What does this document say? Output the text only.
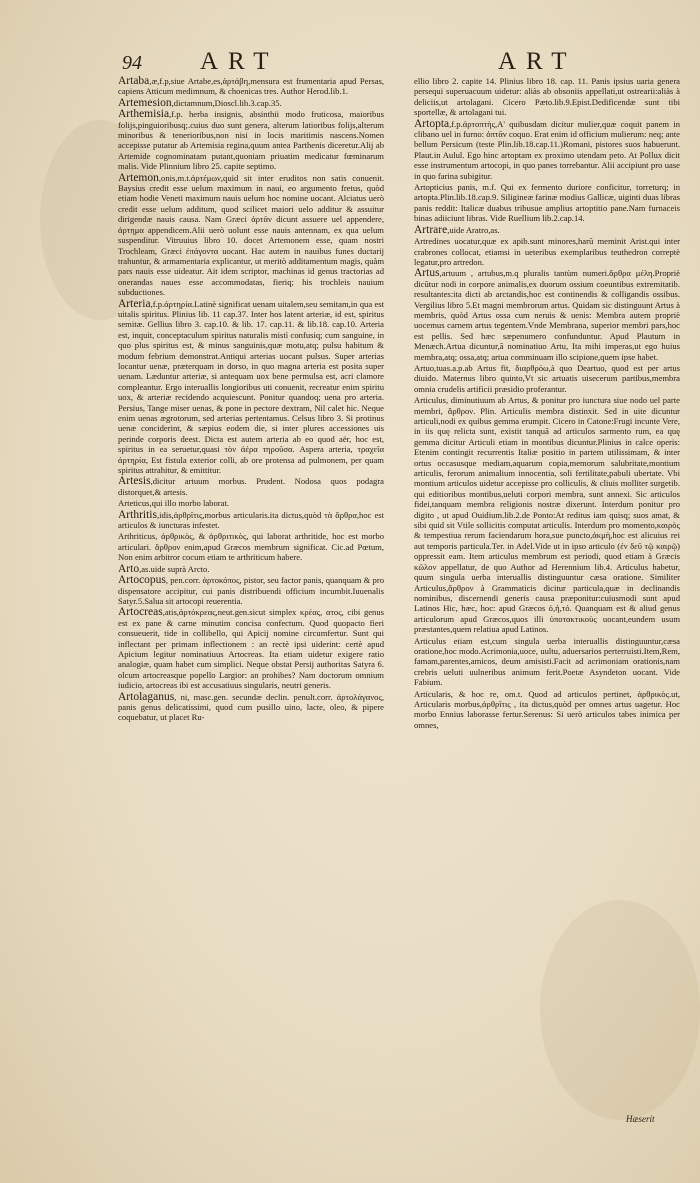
94 ART	ART

Artaba,æ,f.p,siue Artabe,es,ἀρτάβη,mensura est frumentaria apud Persas, capiens Atticum medimnum, & choenicas tres. Author Herod.lib.1.

Artemesion,dictamnum,Dioscl.lib.3.cap.35.

Arthemisia,f.p. herba insignis, absinthii modo fruticosa, maioribus folijs,pinguioribusq;.cuius duo sunt genera, alterum latioribus folijs,alterum minoribus & tenerioribus,non nisi in locis maritimis nascens.Nomen accepisse putatur ab Artemisia regina,quum antea Parthenis diceretur.Alij ab Artemide cognominatam putant,quoniam priuatim medicatur fœminarum malis. Vide Plinnium libro 25. capite septimo.

Artemon,onis,m.t.ἀρτέμων,quid sit inter eruditos non satis conuenit. Baysius credit esse uelum maximum in naui, eo argumento fretus, quòd etiam hodie Veneti maximum nauis uelum hoc nomine uocant. Alciatus uerò credit esse uelum additum, quod scilicet maiori uelo additur & assuitur dirigendæ nauis causa. Nam Græci ἀρτᾶν dicunt assuere uel appendere, ἀρτημα appendicem.Alii uerò uolunt esse nauis antennam, ex qua uelum suspenditur. Vitruuius libro 10. docet Artemonem esse, quam nostri Trochleam, Græci ἐπάγοντα uocant. Hac autem in nauibus funes ductarij trahuntur, & armamentaria explicantur, ut meritò additamentum magis, quàm pars nauis esse uideatur. Ait idem scriptor, machinas id genus tractorias ad onerandas naues esse accommodatas, fieriq; his trochleis nauium subductiones.

Arteria,f.p.ἀρτηρία.Latinè significat uenam uitalem,seu semitam,in qua est uitalis spiritus. Plinius lib. 11 cap.37. Inter hos latent arteriæ, id est, spiritus semitæ. Gellius libro 3. cap.10. & lib. 17. cap.11. & lib.18. cap.10. Arteria est, inquit, conceptaculum spiritus naturalis mistì confusiq; cum sanguine, in quo plus spiritus est, & minus sanguinis,quæ motu,atq; pulsu habitum & modum febrium demonstrat.Antiqui arterias uocant pulsus. Super arterias locantur uenæ, præterquam in dorso, in quo magna arteria est posita super uenam. Læduntur arteriæ, si antequam uox bene permulsa est, acri clamore compleantur. Ergo interuallis longioribus uti conuenit, recreatur enim spiritu uox, & arteriæ recidendo acquiescunt. Ponitur quandoq; uena pro arteria. Persius, Tange miser uenas, & pone in pectore dextram, Nil calet hic. Neque enim uenas ægrotorum, sed arterias pertentamus. Celsus libro 3. Si protinus uenæ conciderint, & sæpius eodem die, si inter plures accessiones uis perinde corporis deest. Dicta est autem arteria ab eo quod aër, hoc est, spiritus in ea seruetur,quasi τὸν ἀέρα τηροῦσα. Aspera arteria, τραχεῖα ἀρτηρία, Est fistula exterior colli, ab ore protensa ad pulmonem, per quam spiritus attrahitur, & emittitur.

Artesis,dicitur artuum morbus. Prudent. Nodosa quos podagra distorquet,& artesis.

Arteticus,qui illo morbo laborat.

Arthritis,idis,ἀρθρῖτις,morbus articularis.ita dictus,quòd τὰ ἄρθρα,hoc est articulos & iuncturas infestet.

Arthriticus, ἀρθρικὸς, & ἀρθριτικὸς, qui laborat arthritide, hoc est morbo articulari. ἄρθρον enim,apud Græcos membrum significat. Cic.ad Pœtum, Non enim arbitror cocum etiam te arthriticum habere.

Arto,as.uide suprà Arcto.

Artocopus, pen.corr. ἀρτοκόπος, pistor, seu factor panis, quanquam & pro dispensatore accipitur, cui panis distribuendi officium incumbit.Iuuenalis Satyr.5.Salua sit artocopi reuerentia.

Artocreas,atis,ἀρτόκρεας,neut.gen.sicut simplex κρέας, ατος, cibi genus est ex pane & carne minutim concisa confectum. Quod quopacto fieri consueuerit, tide in collibello, qui Apicij nomine circumfertur. Sunt qui inflectant per primam inflectionem : an rectè ipsi uiderint: certè apud Apicium legitur nominatiuus Artocreas. Ita etiam uidetur exigere ratio analogiæ, quam habet cum simplici. Neque obstat Persij authoritas Satyra 6. olcum artocreasque popello Largior: an prohibes? Nam doctorum omnium iudicio, artocreas ibi est accusatiuus singularis, neutri generis.

Artolaganus, ni, masc.gen. secundæ declin. penult.corr. ἀρτολάγανος, panis genus delicatissimi, quod cum pusillo uino, lacte, oleo, & pipere coquebatur, ut placet Ru-

ellio libro 2. capite 14. Plinius libro 18. cap. 11. Panis ipsius uaria genera persequi superuacuum uidetur: aliàs ab obsoniis appellati,ut ostrearii:aliàs à deliciis,ut artolagani. Cicero Pæto.lib.9.Epist.Dedificendæ sunt tibi sportellæ, & artolagani tui.

Artopta,f.p.ἀρτοπτὴς,A' quibusdam dicitur mulier,quæ coquit panem in clibano uel in furno: ὀπτᾶν coquo. Erat enim id officium mulierum: neq; ante bellum Persicum (teste Plin.lib.18.cap.11.)Romani, pistores suos habuerunt. Plaut.in Aulul. Ego hinc artoptam ex proximo utendam peto. At Pollux dicit esse instrumentum artocopi, in quo panes torrebantur. Alii accipiunt pro uase in quo farina subigitur.

Artopticius panis, m.f. Qui ex fermento duriore conficitur, torreturq; in artopta.Plin.lib.18.cap.9. Siligineæ farinæ modius Gallicæ, uiginti duas libras panis reddit: Italicæ duabus tribusue amplius artoptitio pane.Nam furnaceis binas adiiciunt libras. Vide Ruellium lib.2.cap.14.

Artrare,uide Aratro,as.

Artredines uocatur,quæ ex apib.sunt minores,harũ meminit Arist.qui inter crabrones collocat, etiamsi in ueteribus exemplaribus teuthedron correptè legatur,pro artredon.

Artus,artuum , artubus,m.q pluralis tantùm numeri.ἄρθρα μέλη.Propriè dicũtur nodi in corpore animalis,ex duorum ossium coeuntibus extremitatib. resultantes:ita dicti ab arctandis,hoc est continendis & colligandis ossibus. Vergilius libro 5.Et magni membrorum artus. Quidam sic distinguunt Artus à membris, quòd Artus ossa cum neruis & uenis: Membra autem propriè uocemus carnem artus tegentem.Vnde Membrana, superior membri pars,hoc est pellis. Sed hæc sæpenumero confunduntur. Apud Plautum in Menæch.Artua dicuntur,ã nominatiuo Artu, Ita mihi imperas,ut ego huius membra,atq; ossa,atq; artua comminuam illo scipione,quem ipse habet.

Artuo,tuas.a.p.ab Artus fit, διαρθρόω,à quo Deartuo, quod est per artus diuido. Maternus libro quinto,Vt sic artuatis uisecerum partibus,membra omnia crudelis artificii præsidio proferantur.

Articulus, diminutiuum ab Artus, & ponitur pro iunctura siue nodo uel parte membri, ἄρθρον. Plin. Articulis membra distinxit. Sed in uite dicuntur articuli,nodi ex quibus gemma erumpit. Cicero in Catone:Frugi incunte Vere, in iis quę relicta sunt, existit tanquã ad articulos sarmento rum, ea quę gemma dicitur Articuli etiam in montibus dicuntur.Plinius in calce operis: Etenim contingit recurrentis Italiæ positio in partem utilissimam, & inter ortus occasusque mediam,aquarum copia,memorum salubritate,montium articulis, ferorum animalium innocentia, soli fertilitate,pabuli ubertate. Vbi montium articulos uidetur accepisse pro colliculis, & cliuis molliter surgetib. qui editioribus montibus,ueluti corpori membra, sunt annexi. Sic articulos fidei,tanquam membra religionis nostræ dixerunt. Interdum ponitur pro digito , ut apud Ouidium.lib.2.de Ponto:At reditus iam quisq; suos amat, & sibi quid sit Vtile sollicitis computat articulis. Interdum pro momento,καιρὸς & tempestiua rerum faciendarum hora,sue puncto,ἀκμὴ,hoc est alicuius rei aut temporis particula.Ter. in Adel.Vide ut in ipso articulo (ἐν δεῦ τῷ καιρῷ) oppressit eam. Item articulus membrum est periodi, quod etiam à Græcis κῶλον appellatur, de quo Author ad Herennium lib.4. Articulus habetur, quum singula uerba interuallis distinguuntur cæsa oratione. Similiter Articulus,ἄρθρον à Grammaticis dicitur particula,quæ in declinandis nominibus, discernendi generis causa præponitur:cuiusmodi sunt apud Latinos Hic, hæc, hoc: apud Græcos ὁ,ἡ,τό. Quanquam est & aliud genus articulorum apud Græcos,quos illi ὑποτακτικοὺς uocant,eundem usum præstantes,quem relatiua apud Latinos.

Articulus etiam est,cum singula uerba interuallis distinguuntur,cæsa oratione,hoc modo.Acrimonia,uoce, uultu, aduersarios perterruisti.Item,Rem, famam,parentes,amicos, deum amisisti.Facit ad acrimoniam orationis,nam crebris ueluti uulneribus animum ferit.Poetæ Asyndeton uocant. Vide Fabium.

Articularis, & hoc re, om.t. Quod ad articulos pertinet, ἀρθρικὸς.ut, Articularis morbus,ἀρθρῖτις , ita dictus,quòd per omnes artus uagetur. Hoc morbo Ennius laborasse fertur.Serenus: Si uerò articulos tabes inimica per omnes,

Hæserit
